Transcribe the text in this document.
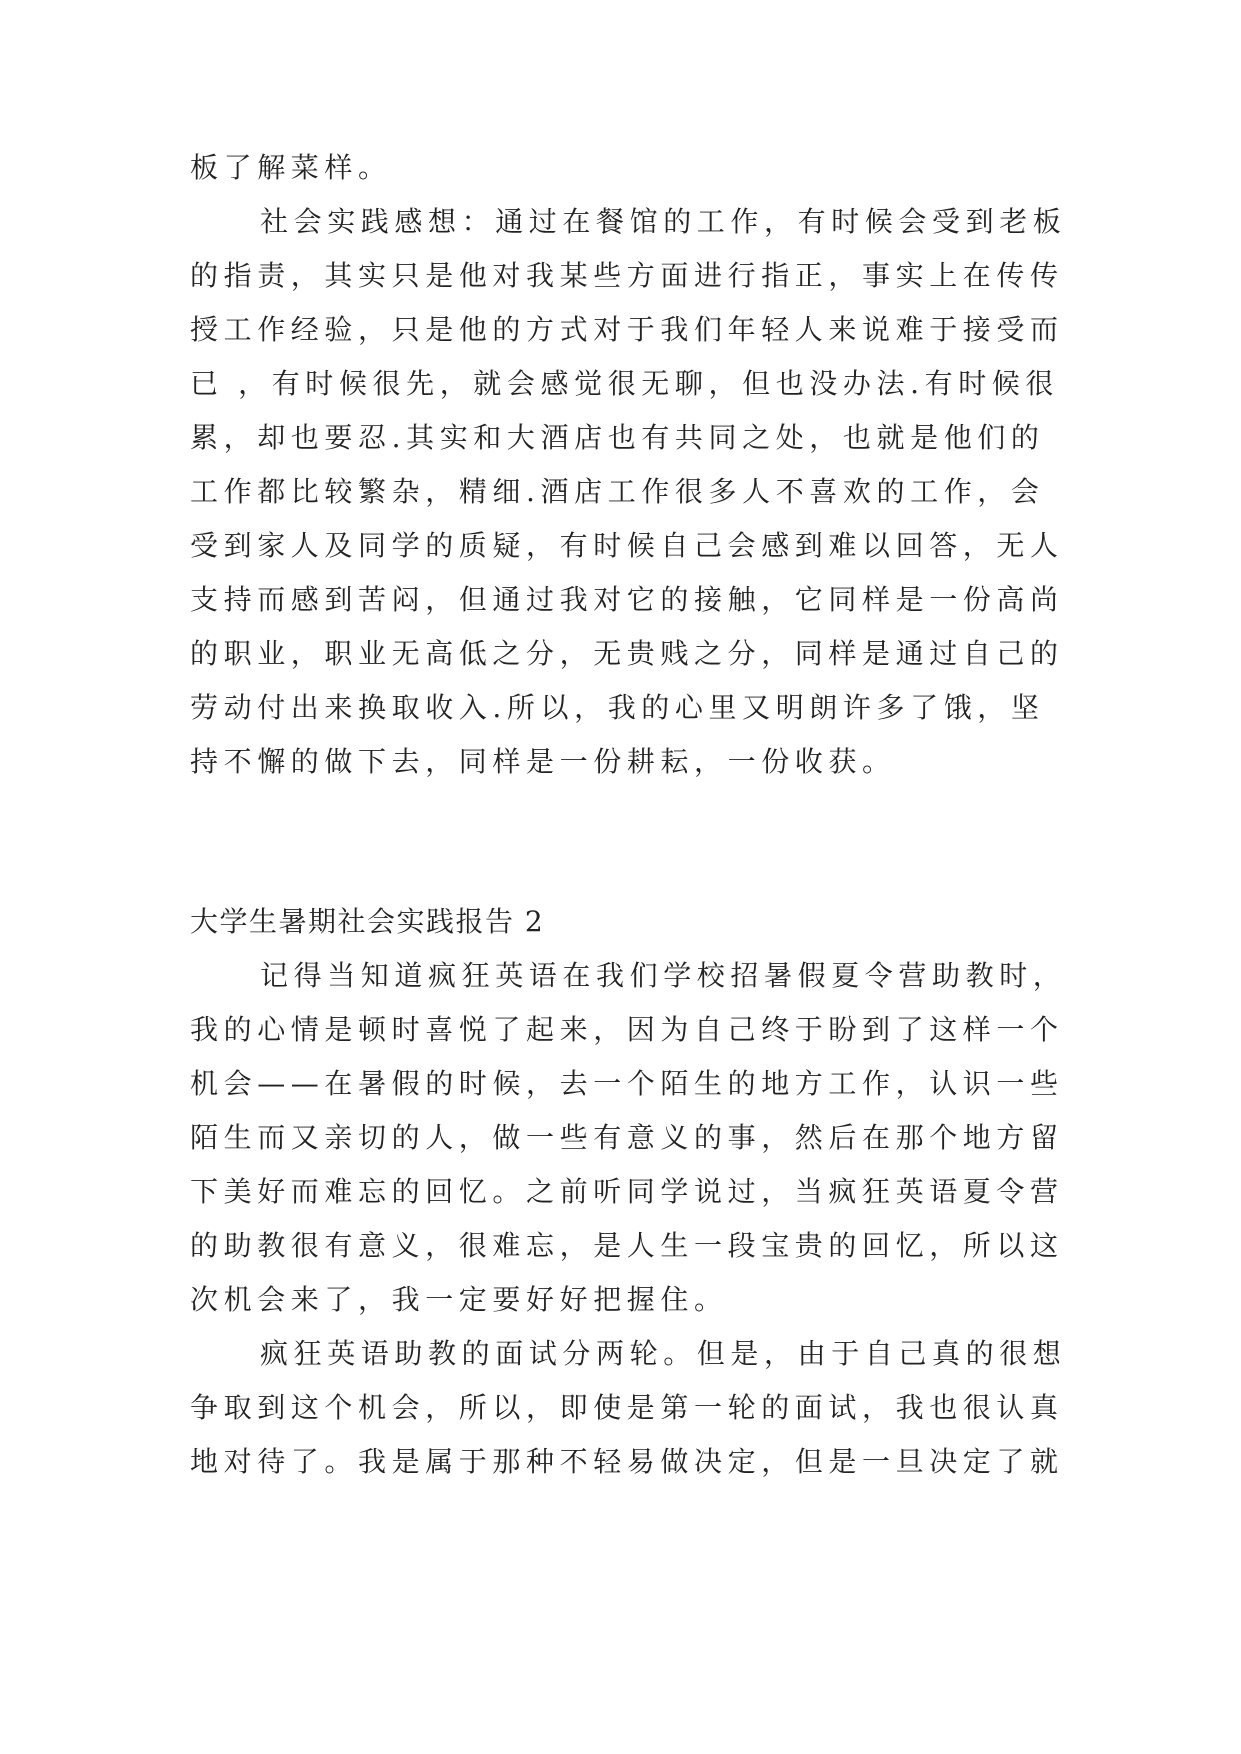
板了解菜样。
社会实践感想：通过在餐馆的工作，有时候会受到老板
的指责，其实只是他对我某些方面进行指正，事实上在传传
授工作经验，只是他的方式对于我们年轻人来说难于接受而
已 ，有时候很先，就会感觉很无聊，但也没办法.有时候很
累，却也要忍.其实和大酒店也有共同之处，也就是他们的
工作都比较繁杂，精细.酒店工作很多人不喜欢的工作，会
受到家人及同学的质疑，有时候自己会感到难以回答，无人
支持而感到苦闷，但通过我对它的接触，它同样是一份高尚
的职业，职业无高低之分，无贵贱之分，同样是通过自己的
劳动付出来换取收入.所以，我的心里又明朗许多了饿，坚
持不懈的做下去，同样是一份耕耘，一份收获。
大学生暑期社会实践报告 2
记得当知道疯狂英语在我们学校招暑假夏令营助教时，
我的心情是顿时喜悦了起来，因为自己终于盼到了这样一个
机会——在暑假的时候，去一个陌生的地方工作，认识一些
陌生而又亲切的人，做一些有意义的事，然后在那个地方留
下美好而难忘的回忆。之前听同学说过，当疯狂英语夏令营
的助教很有意义，很难忘，是人生一段宝贵的回忆，所以这
次机会来了，我一定要好好把握住。
疯狂英语助教的面试分两轮。但是，由于自己真的很想
争取到这个机会，所以，即使是第一轮的面试，我也很认真
地对待了。我是属于那种不轻易做决定，但是一旦决定了就
